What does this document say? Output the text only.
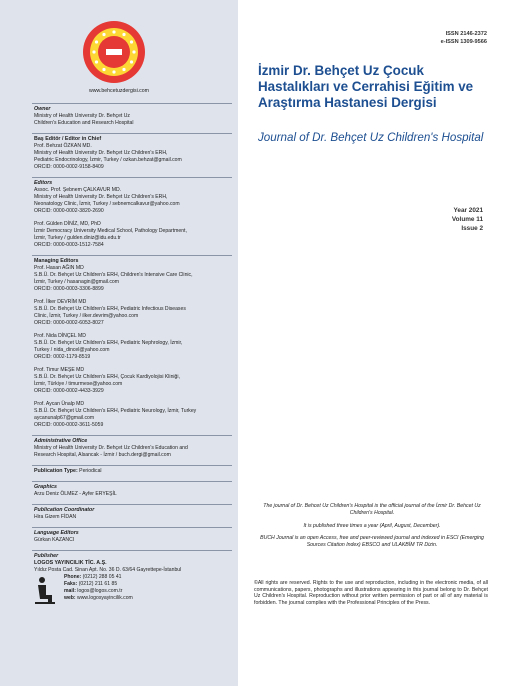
www.behcetuzdergisi.com
Owner
Ministry of Health University Dr. Behçet Uz
Children's Education and Research Hospital
Baş Editör / Editor in Chief
Prof. Behzat ÖZKAN MD.
Ministry of Health University Dr. Behçet Uz Children's ERH,
Pediatric Endocrinology, İzmir, Turkey / ozkan.behzat@gmail.com
ORCID: 0000-0002-9158-8409
Editors
Assoc. Prof. Şebnem ÇALKAVUR MD.
Ministry of Health University Dr. Behçet Uz Children's ERH,
Neonatology Clinic, İzmir, Turkey / sebnemcalkavur@yahoo.com
ORCID: 0000-0002-3820-2690
Prof. Gülden DİNİZ, MD, PhD
İzmir Democracy University Medical School, Pathology Department,
İzmir, Turkey / gulden.diniz@idu.edu.tr
ORCID: 0000-0003-1512-7584
Managing Editors
Prof. Hasan AĞIN MD
S.B.Ü. Dr. Behçet Uz Children's ERH, Children's Intensive Care Clinic,
İzmir, Turkey / hasanagin@gmail.com
ORCID: 0000-0003-3306-8899
Prof. İlker DEVRİM MD
S.B.Ü. Dr. Behçet Uz Children's ERH, Pediatric Infectious Diseases
Clinic, İzmir, Turkey / ilker.devrim@yahoo.com
ORCID: 0000-0002-6053-8027
Prof. Nida DİNÇEL MD
S.B.Ü. Dr. Behçet Uz Children's ERH, Pediatric Nephrology, İzmir,
Turkey / nida_dincel@yahoo.com
ORCID: 0002-1179-8519
Prof. Timur MEŞE MD
S.B.Ü. Dr. Behçet Uz Children's ERH, Çocuk Kardiyolojisi Kliniği,
İzmir, Türkiye / timurmese@yahoo.com
ORCID: 0000-0002-4433-3929
Prof. Aycan Ünalp MD
S.B.Ü. Dr. Behçet Uz Children's ERH, Pediatric Neurology, İzmir, Turkey
aycanunalp67@gmail.com
ORCID: 0000-0002-3611-5059
Administrative Office
Ministry of Health University Dr. Behçet Uz Children's Education and
Research Hospital, Alsancak - İzmir / buch.dergi@gmail.com
Publication Type: Periodical
Graphics
Arzu Deniz ÖLMEZ - Ayfer ERYEŞİL
Publication Coordinator
Hira Gizem FİDAN
Language Editors
Gürkan KAZANCI
Publisher
LOGOS YAYINCILIK TİC. A.Ş.
Yıldız Posta Cad. Sinan Apt. No. 36 D. 63/64 Gayrettepe-İstanbul
Phone: (0212) 288 05 41
Faks: (0212) 211 61 85
mail: logos@logos.com.tr
web: www.logosyayincilik.com
ISSN 2146-2372
e-ISSN 1309-9566
İzmir Dr. Behçet Uz Çocuk Hastalıkları ve Cerrahisi Eğitim ve Araştırma Hastanesi Dergisi
Journal of Dr. Behçet Uz Children's Hospital
Year 2021
Volume 11
Issue 2

The journal of Dr. Behcet Uz Children's Hospital is the official journal of the İzmir Dr. Behcet Uz Children's Hospital.

It is published three times a year (April, August, December).

BUCH Journal is an open Access, free and peer-reviewed journal and indexed in ESCI (Emerging Sources Citation Index) EBSCO and ULAKBİM TR Dizin.

©All rights are reserved. Rights to the use and reproduction, including in the electronic media, of all communications, papers, photographs and illustrations appearing in this journal belong to Dr. Behçet Uz Children's Hospital. Reproduction without prior written permission of part or all of any material is forbidden. The journal complies with the Professional Principles of the Press.
